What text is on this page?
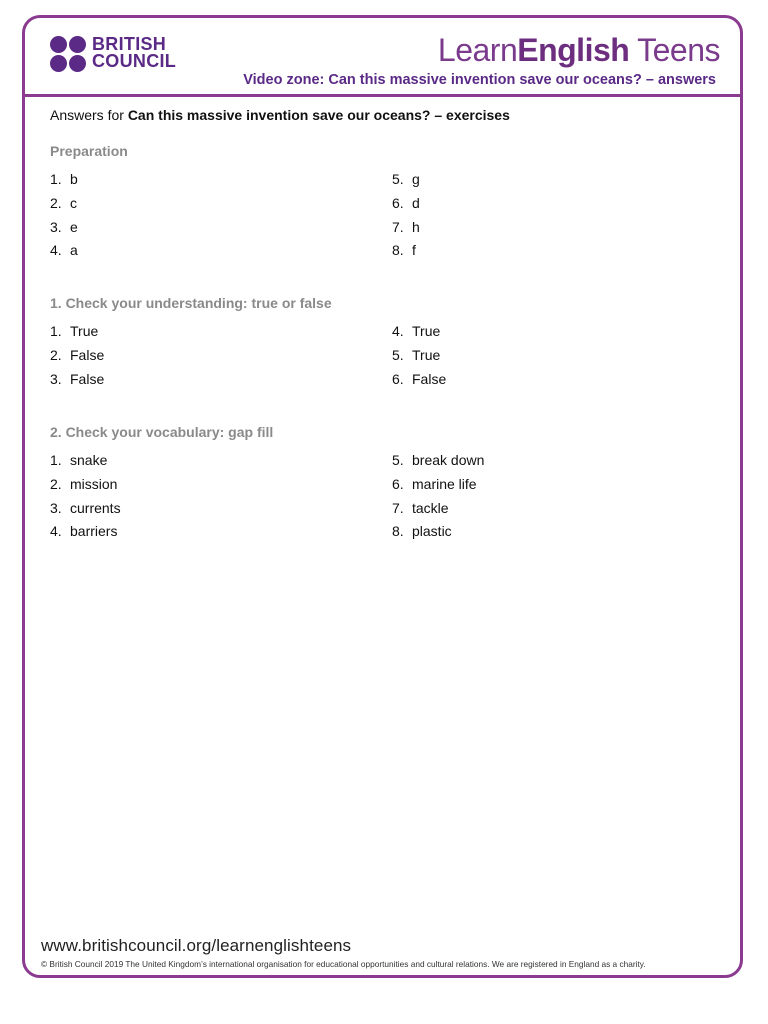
BRITISH
COUNCIL	LearnEnglish Teens
Video zone: Can this massive invention save our oceans? – answers
Answers for Can this massive invention save our oceans? – exercises
Preparation
1. b
2. c
3. e
4. a
5. g
6. d
7. h
8. f
1. Check your understanding: true or false
1. True
2. False
3. False
4. True
5. True
6. False
2. Check your vocabulary: gap fill
1. snake
2. mission
3. currents
4. barriers
5. break down
6. marine life
7. tackle
8. plastic
www.britishcouncil.org/learnenglishteens
© British Council 2019 The United Kingdom’s international organisation for educational opportunities and cultural relations. We are registered in England as a charity.
